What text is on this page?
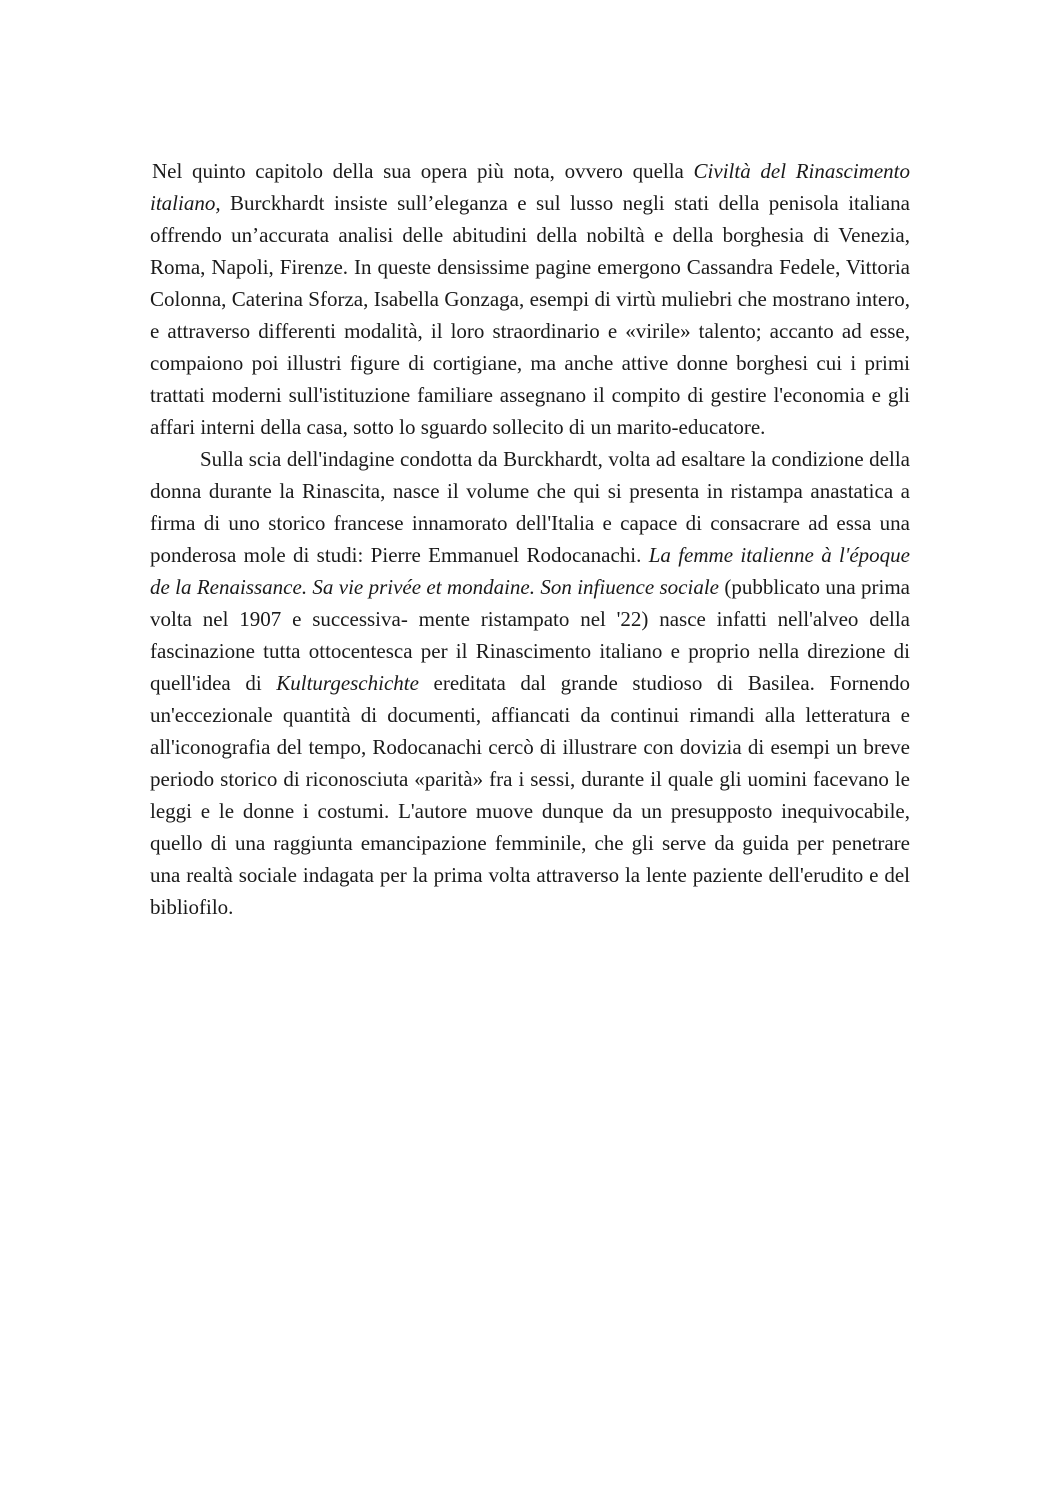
Nel quinto capitolo della sua opera più nota, ovvero quella Civiltà del Rinascimento italiano, Burckhardt insiste sull’eleganza e sul lusso negli stati della penisola italiana offrendo un’accurata analisi delle abitudini della nobiltà e della borghesia di Venezia, Roma, Napoli, Firenze. In queste densissime pagine emergono Cassandra Fedele, Vittoria Colonna, Caterina Sforza, Isabella Gonzaga, esempi di virtù muliebri che mostrano intero, e attraverso differenti modalità, il loro straordinario e «virile» talento; accanto ad esse, compaiono poi illustri figure di cortigiane, ma anche attive donne borghesi cui i primi trattati moderni sull'istituzione familiare assegnano il compito di gestire l'economia e gli affari interni della casa, sotto lo sguardo sollecito di un marito-educatore.

Sulla scia dell'indagine condotta da Burckhardt, volta ad esaltare la condizione della donna durante la Rinascita, nasce il volume che qui si presenta in ristampa anastatica a firma di uno storico francese innamorato dell'Italia e capace di consacrare ad essa una ponderosa mole di studi: Pierre Emmanuel Rodocanachi. La femme italienne à l'époque de la Renaissance. Sa vie privée et mondaine. Son infiuence sociale (pubblicato una prima volta nel 1907 e successiva- mente ristampato nel '22) nasce infatti nell'alveo della fascinazione tutta ottocentesca per il Rinascimento italiano e proprio nella direzione di quell'idea di Kulturgeschichte ereditata dal grande studioso di Basilea. Fornendo un'eccezionale quantità di documenti, affiancati da continui rimandi alla letteratura e all'iconografia del tempo, Rodocanachi cercò di illustrare con dovizia di esempi un breve periodo storico di riconosciuta «parità» fra i sessi, durante il quale gli uomini facevano le leggi e le donne i costumi. L'autore muove dunque da un presupposto inequivocabile, quello di una raggiunta emancipazione femminile, che gli serve da guida per penetrare una realtà sociale indagata per la prima volta attraverso la lente paziente dell'erudito e del bibliofilo.
